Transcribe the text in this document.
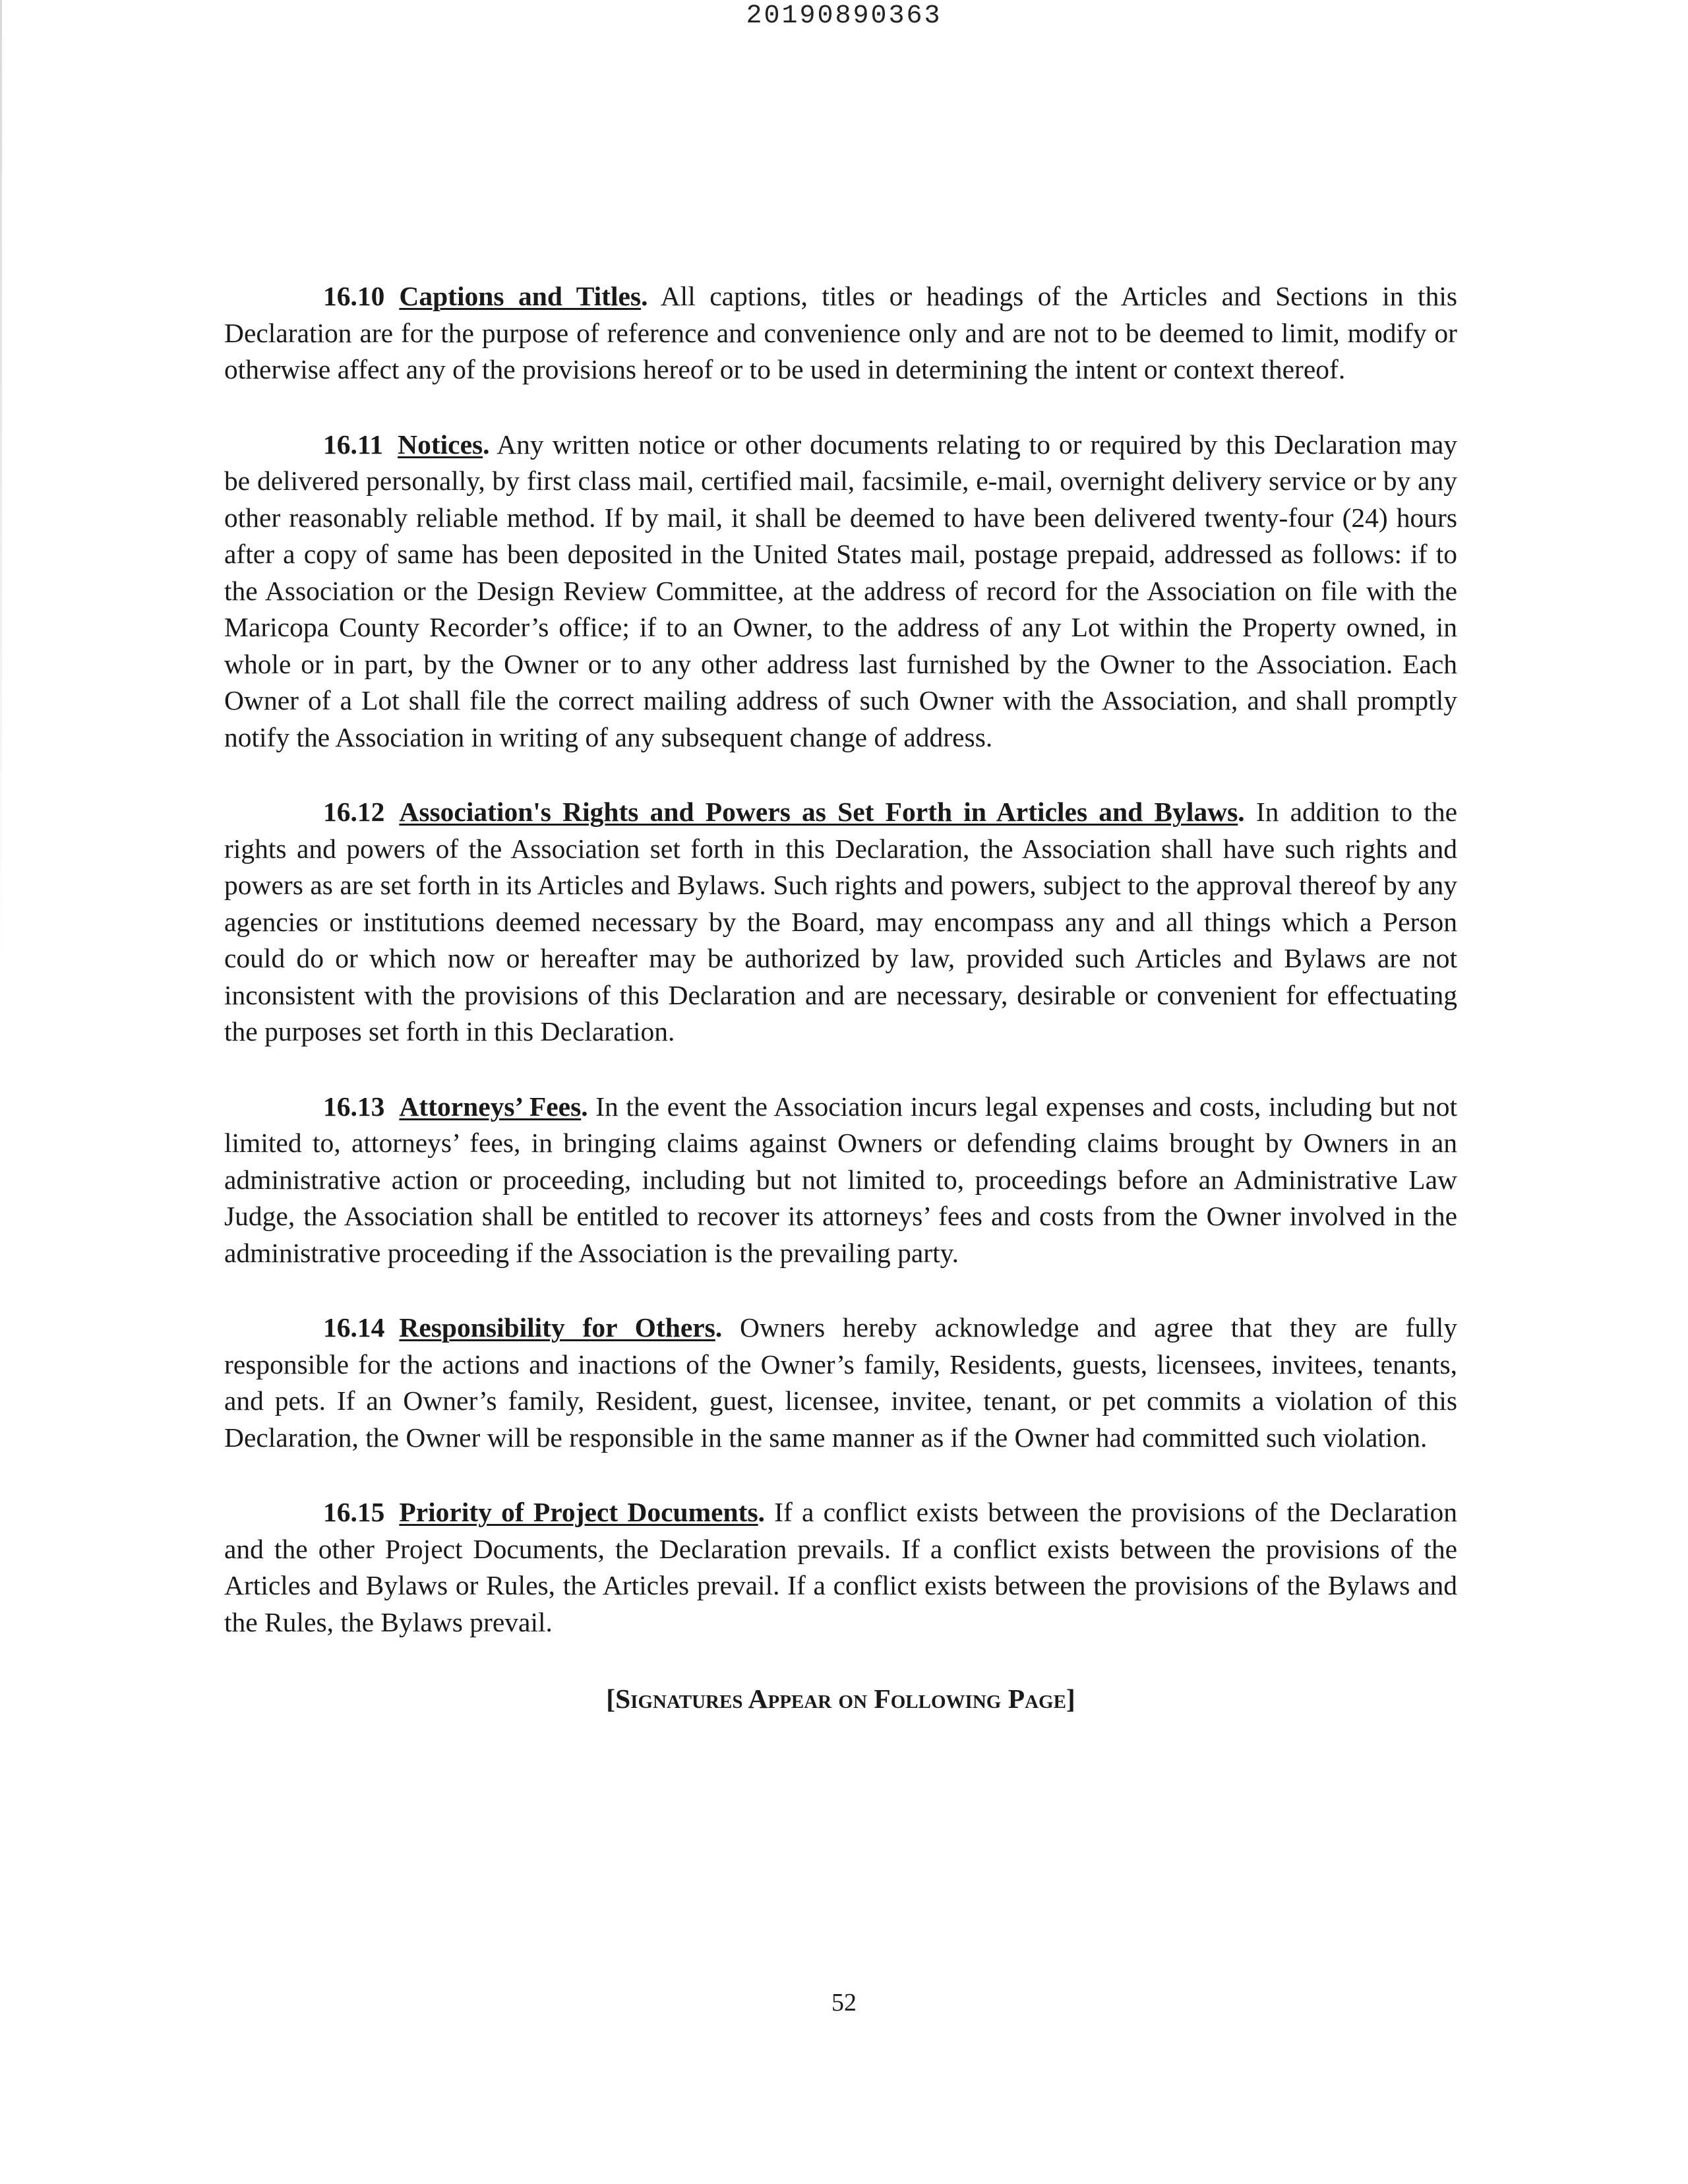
20190890363

16.10 Captions and Titles. All captions, titles or headings of the Articles and Sections in this Declaration are for the purpose of reference and convenience only and are not to be deemed to limit, modify or otherwise affect any of the provisions hereof or to be used in determining the intent or context thereof.

16.11 Notices. Any written notice or other documents relating to or required by this Declaration may be delivered personally, by first class mail, certified mail, facsimile, e-mail, overnight delivery service or by any other reasonably reliable method. If by mail, it shall be deemed to have been delivered twenty-four (24) hours after a copy of same has been deposited in the United States mail, postage prepaid, addressed as follows: if to the Association or the Design Review Committee, at the address of record for the Association on file with the Maricopa County Recorder’s office; if to an Owner, to the address of any Lot within the Property owned, in whole or in part, by the Owner or to any other address last furnished by the Owner to the Association. Each Owner of a Lot shall file the correct mailing address of such Owner with the Association, and shall promptly notify the Association in writing of any subsequent change of address.

16.12 Association's Rights and Powers as Set Forth in Articles and Bylaws. In addition to the rights and powers of the Association set forth in this Declaration, the Association shall have such rights and powers as are set forth in its Articles and Bylaws. Such rights and powers, subject to the approval thereof by any agencies or institutions deemed necessary by the Board, may encompass any and all things which a Person could do or which now or hereafter may be authorized by law, provided such Articles and Bylaws are not inconsistent with the provisions of this Declaration and are necessary, desirable or convenient for effectuating the purposes set forth in this Declaration.

16.13 Attorneys’ Fees. In the event the Association incurs legal expenses and costs, including but not limited to, attorneys’ fees, in bringing claims against Owners or defending claims brought by Owners in an administrative action or proceeding, including but not limited to, proceedings before an Administrative Law Judge, the Association shall be entitled to recover its attorneys’ fees and costs from the Owner involved in the administrative proceeding if the Association is the prevailing party.

16.14 Responsibility for Others. Owners hereby acknowledge and agree that they are fully responsible for the actions and inactions of the Owner’s family, Residents, guests, licensees, invitees, tenants, and pets. If an Owner’s family, Resident, guest, licensee, invitee, tenant, or pet commits a violation of this Declaration, the Owner will be responsible in the same manner as if the Owner had committed such violation.

16.15 Priority of Project Documents. If a conflict exists between the provisions of the Declaration and the other Project Documents, the Declaration prevails. If a conflict exists between the provisions of the Articles and Bylaws or Rules, the Articles prevail. If a conflict exists between the provisions of the Bylaws and the Rules, the Bylaws prevail.

[Signatures Appear on Following Page]
52
